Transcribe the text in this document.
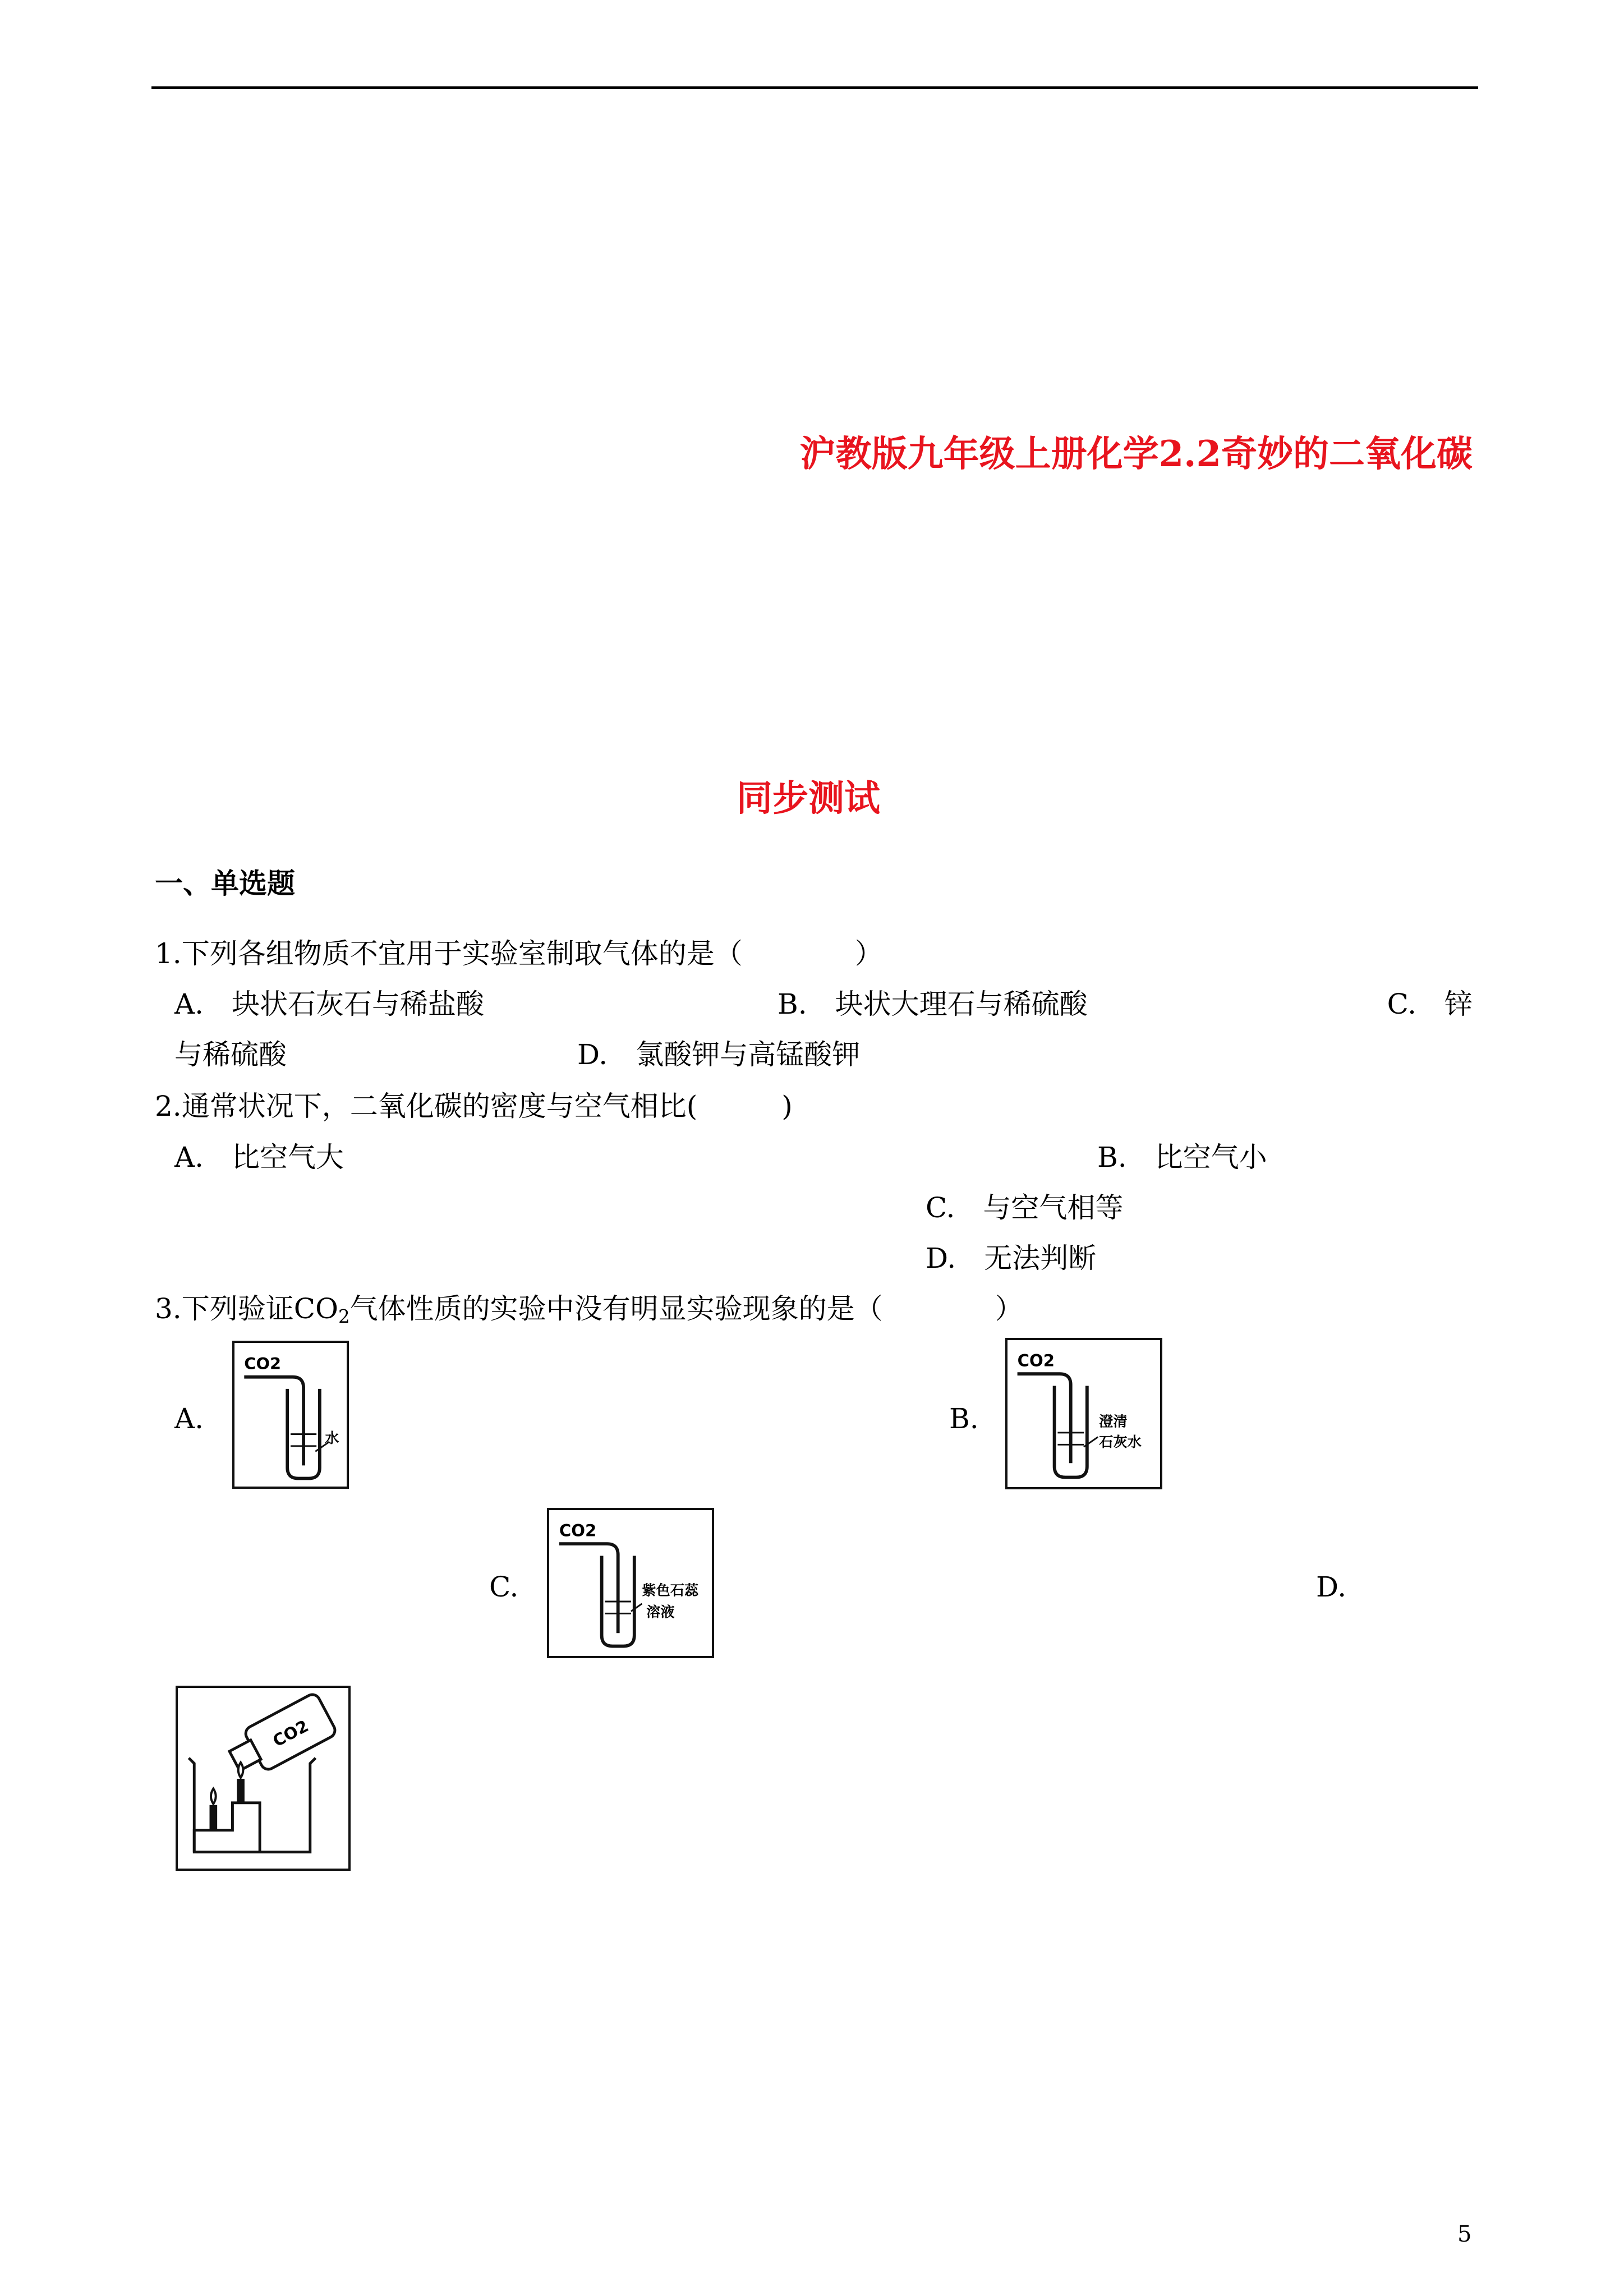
沪教版九年级上册化学2.2奇妙的二氧化碳
同步测试
一、单选题
1.下列各组物质不宜用于实验室制取气体的是（　　　　）
A.　块状石灰石与稀盐酸	B.　块状大理石与稀硫酸	C.　锌
与稀硫酸	D.　氯酸钾与高锰酸钾
2.通常状况下，二氧化碳的密度与空气相比(　　　)
A.　比空气大	B.　比空气小
C.　与空气相等
D.　无法判断
3.下列验证$CO_2$气体性质的实验中没有明显实验现象的是（　　　　）
A.
CO2
水
B.
CO2
澄清
石灰水
C.
CO2
紫色石蕊
溶液
D.
CO2
5
